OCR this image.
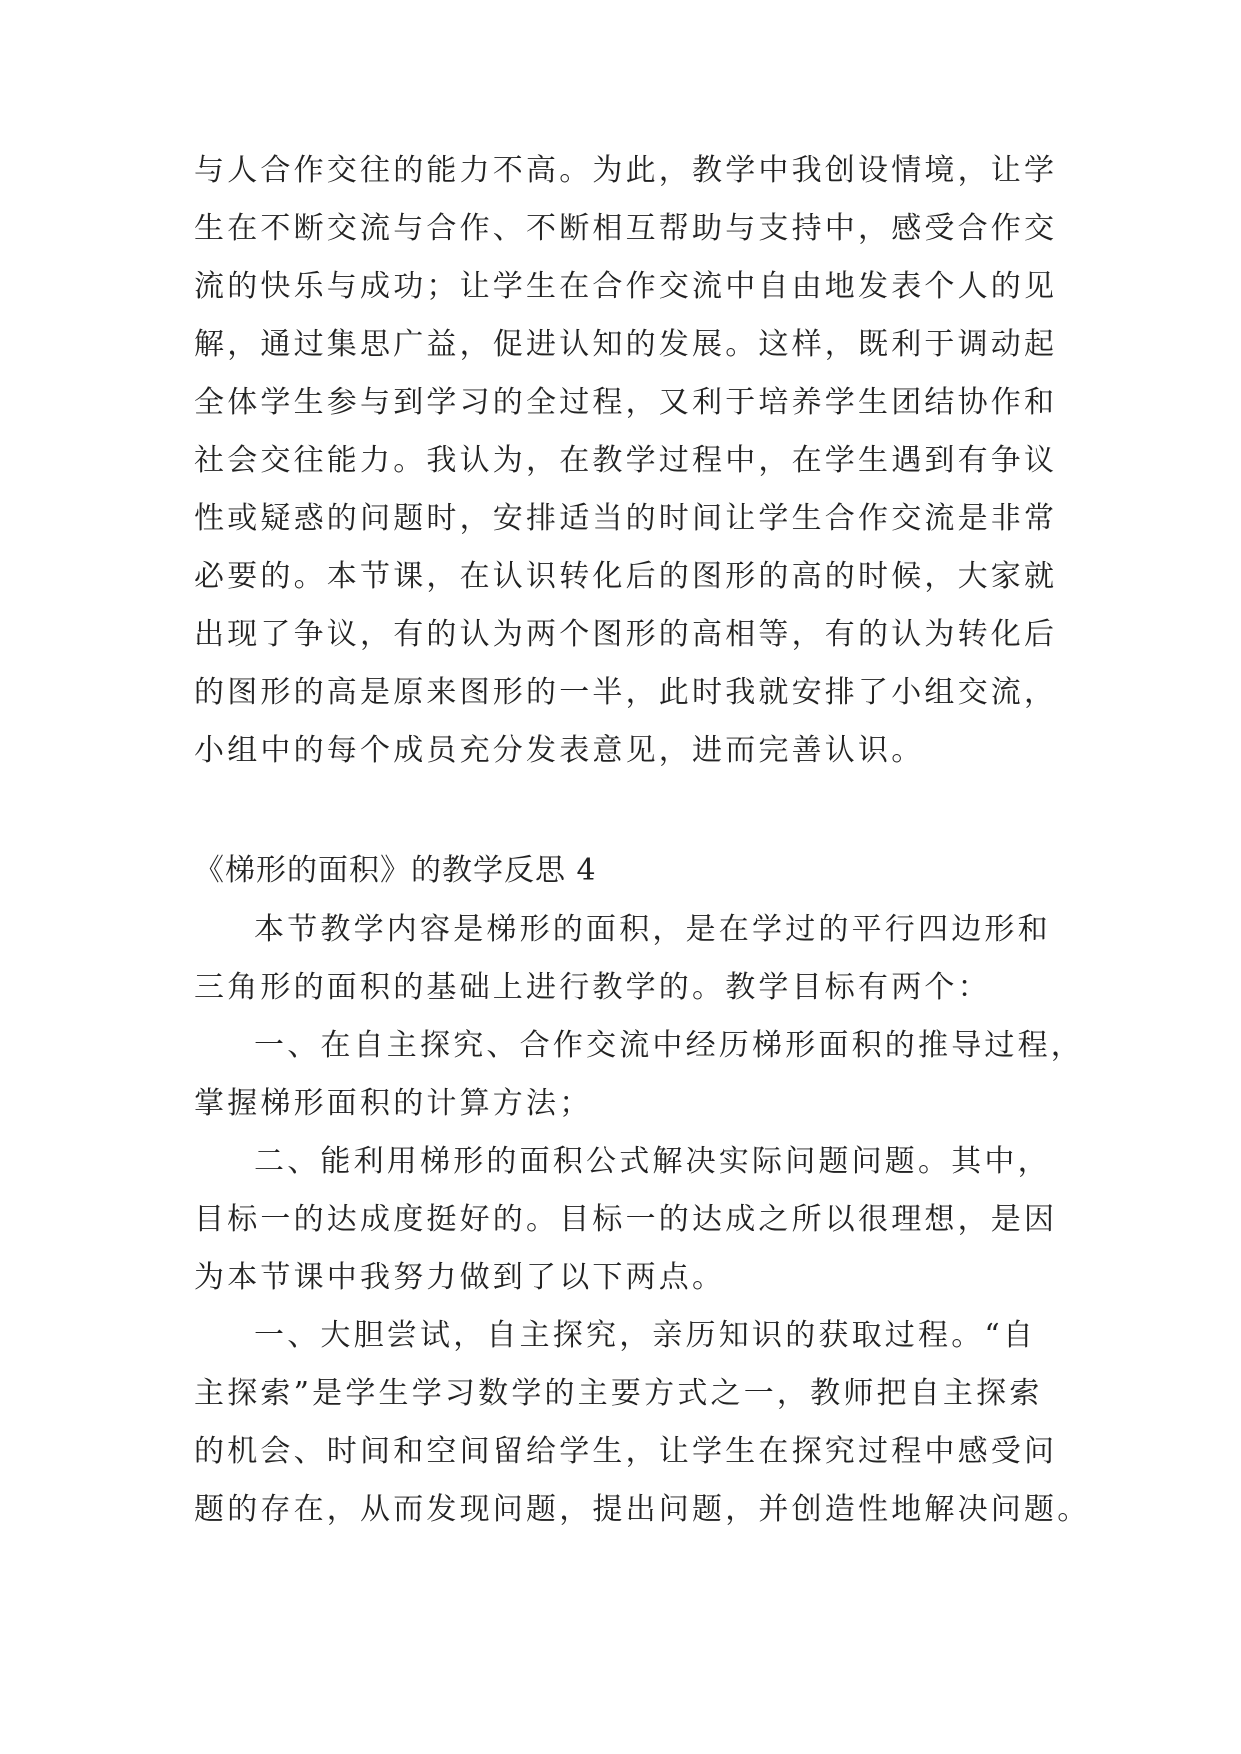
与人合作交往的能力不高。为此，教学中我创设情境，让学

生在不断交流与合作、不断相互帮助与支持中，感受合作交

流的快乐与成功；让学生在合作交流中自由地发表个人的见

解，通过集思广益，促进认知的发展。这样，既利于调动起

全体学生参与到学习的全过程，又利于培养学生团结协作和

社会交往能力。我认为，在教学过程中，在学生遇到有争议

性或疑惑的问题时，安排适当的时间让学生合作交流是非常

必要的。本节课，在认识转化后的图形的高的时候，大家就

出现了争议，有的认为两个图形的高相等，有的认为转化后

的图形的高是原来图形的一半，此时我就安排了小组交流，

小组中的每个成员充分发表意见，进而完善认识。

《梯形的面积》的教学反思 4

本节教学内容是梯形的面积，是在学过的平行四边形和

三角形的面积的基础上进行教学的。教学目标有两个：

一、在自主探究、合作交流中经历梯形面积的推导过程，

掌握梯形面积的计算方法；

二、能利用梯形的面积公式解决实际问题问题。其中，

目标一的达成度挺好的。目标一的达成之所以很理想，是因

为本节课中我努力做到了以下两点。

一、大胆尝试，自主探究，亲历知识的获取过程。“自

主探索”是学生学习数学的主要方式之一，教师把自主探索

的机会、时间和空间留给学生，让学生在探究过程中感受问

题的存在，从而发现问题，提出问题，并创造性地解决问题。
